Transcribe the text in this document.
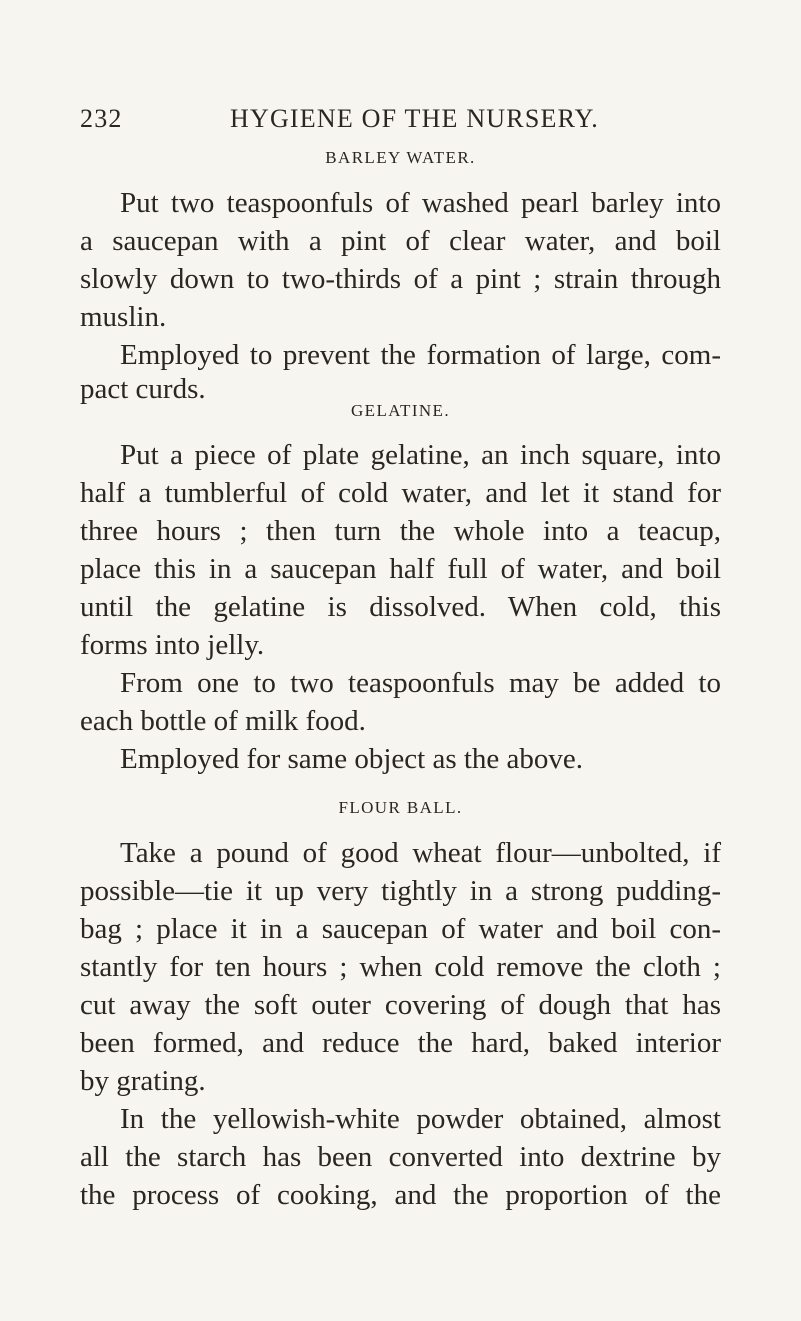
232	HYGIENE OF THE NURSERY.
BARLEY WATER.
Put two teaspoonfuls of washed pearl barley into
a saucepan with a pint of clear water, and boil
slowly down to two-thirds of a pint ; strain through
muslin.
Employed to prevent the formation of large, com-
pact curds.
GELATINE.
Put a piece of plate gelatine, an inch square, into
half a tumblerful of cold water, and let it stand for
three hours ; then turn the whole into a teacup,
place this in a saucepan half full of water, and boil
until the gelatine is dissolved. When cold, this
forms into jelly.
From one to two teaspoonfuls may be added to
each bottle of milk food.
Employed for same object as the above.
FLOUR BALL.
Take a pound of good wheat flour—unbolted, if
possible—tie it up very tightly in a strong pudding-
bag ; place it in a saucepan of water and boil con-
stantly for ten hours ; when cold remove the cloth ;
cut away the soft outer covering of dough that has
been formed, and reduce the hard, baked interior
by grating.
In the yellowish-white powder obtained, almost
all the starch has been converted into dextrine by
the process of cooking, and the proportion of the
